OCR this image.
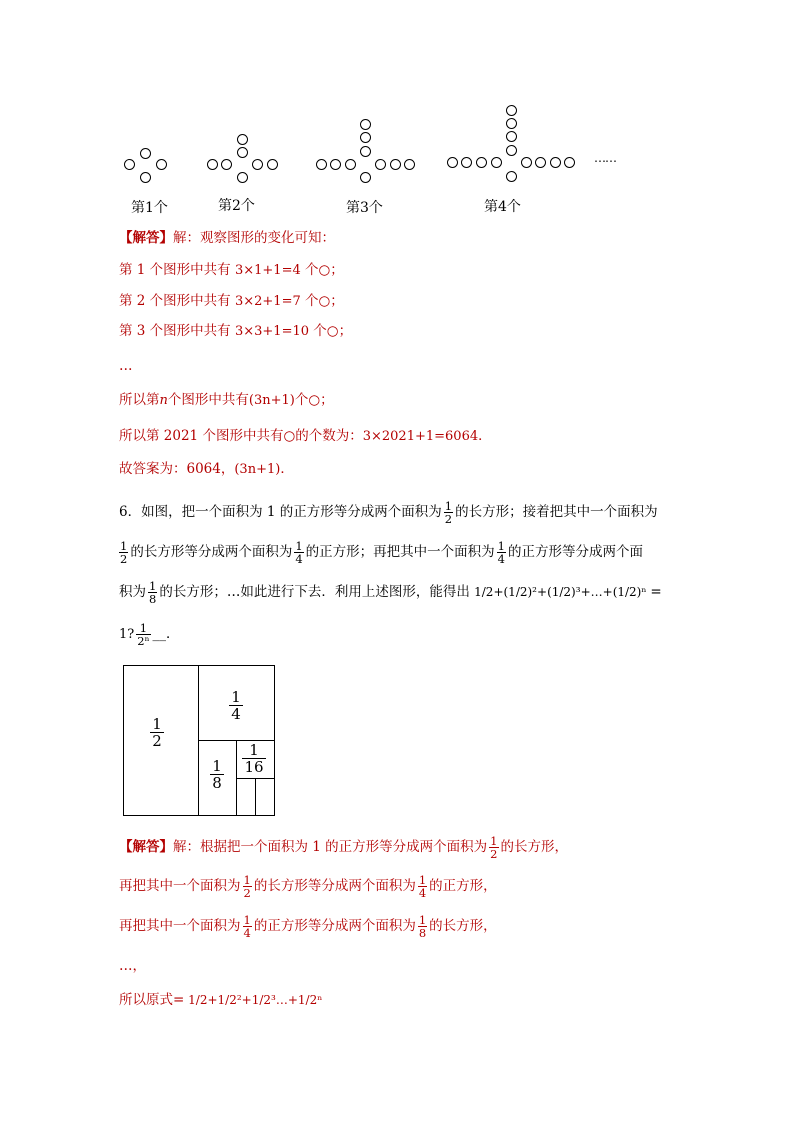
……
第1个	第2个	第3个	第4个
【解答】解：观察图形的变化可知：
第 1 个图形中共有 3×1+1=4 个○；
第 2 个图形中共有 3×2+1=7 个○；
第 3 个图形中共有 3×3+1=10 个○；
…
所以第n个图形中共有(3n+1)个○；
所以第 2021 个图形中共有○的个数为：3×2021+1=6064．
故答案为：6064，(3n+1)．
6．如图，把一个面积为 1 的正方形等分成两个面积为 $\frac{1}{2}$ 的长方形；接着把其中一个面积为
$\frac{1}{2}$ 的长方形等分成两个面积为 $\frac{1}{4}$ 的正方形；再把其中一个面积为 $\frac{1}{4}$ 的正方形等分成两个面
积为 $\frac{1}{8}$ 的长方形；…如此进行下去．利用上述图形，能得出 1/2+(1/2)²+(1/2)³+…+(1/2)ⁿ =
1? $\frac{1}{\text{2ⁿ}}$ __．
$\frac{1}{2}$
$\frac{1}{4}$
$\frac{1}{8} \frac{1}{16}$
【解答】解：根据把一个面积为 1 的正方形等分成两个面积为 $\frac{1}{2}$ 的长方形，
再把其中一个面积为 $\frac{1}{2}$ 的长方形等分成两个面积为 $\frac{1}{4}$ 的正方形，
再把其中一个面积为 $\frac{1}{4}$ 的正方形等分成两个面积为 $\frac{1}{8}$ 的长方形，
…，
所以原式= 1/2+1/2²+1/2³…+1/2ⁿ
